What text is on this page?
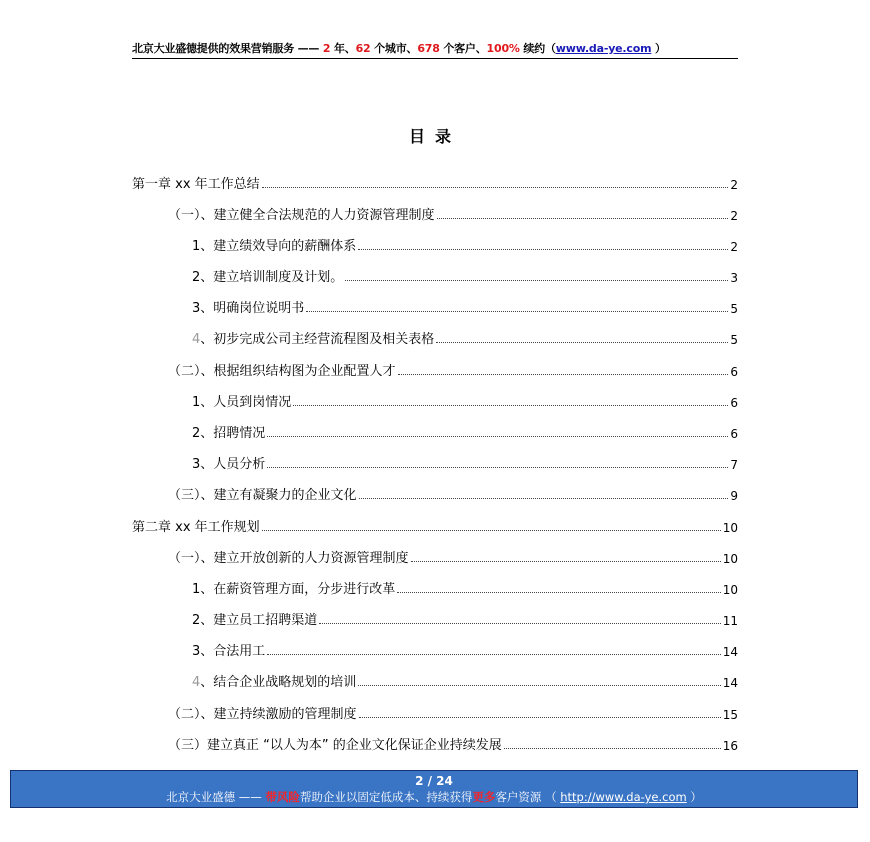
北京大业盛德提供的效果营销服务 —— 2 年、62 个城市、678 个客户、100% 续约（www.da-ye.com ）
目录
第一章 xx 年工作总结	2
（一）、建立健全合法规范的人力资源管理制度	2
1、建立绩效导向的薪酬体系	2
2、建立培训制度及计划。	3
3、明确岗位说明书	5
4、初步完成公司主经营流程图及相关表格	5
（二）、根据组织结构图为企业配置人才	6
1、人员到岗情况	6
2、招聘情况	6
3、人员分析	7
（三）、建立有凝聚力的企业文化	9
第二章 xx 年工作规划	10
（一）、建立开放创新的人力资源管理制度	10
1、在薪资管理方面，分步进行改革	10
2、建立员工招聘渠道	11
3、合法用工	14
4、结合企业战略规划的培训	14
（二）、建立持续激励的管理制度	15
（三）建立真正 “以人为本” 的企业文化保证企业持续发展	16
2 / 24
北京大业盛德 —— 带风险帮助企业以固定低成本、持续获得更多客户资源 （ http://www.da-ye.com ）
